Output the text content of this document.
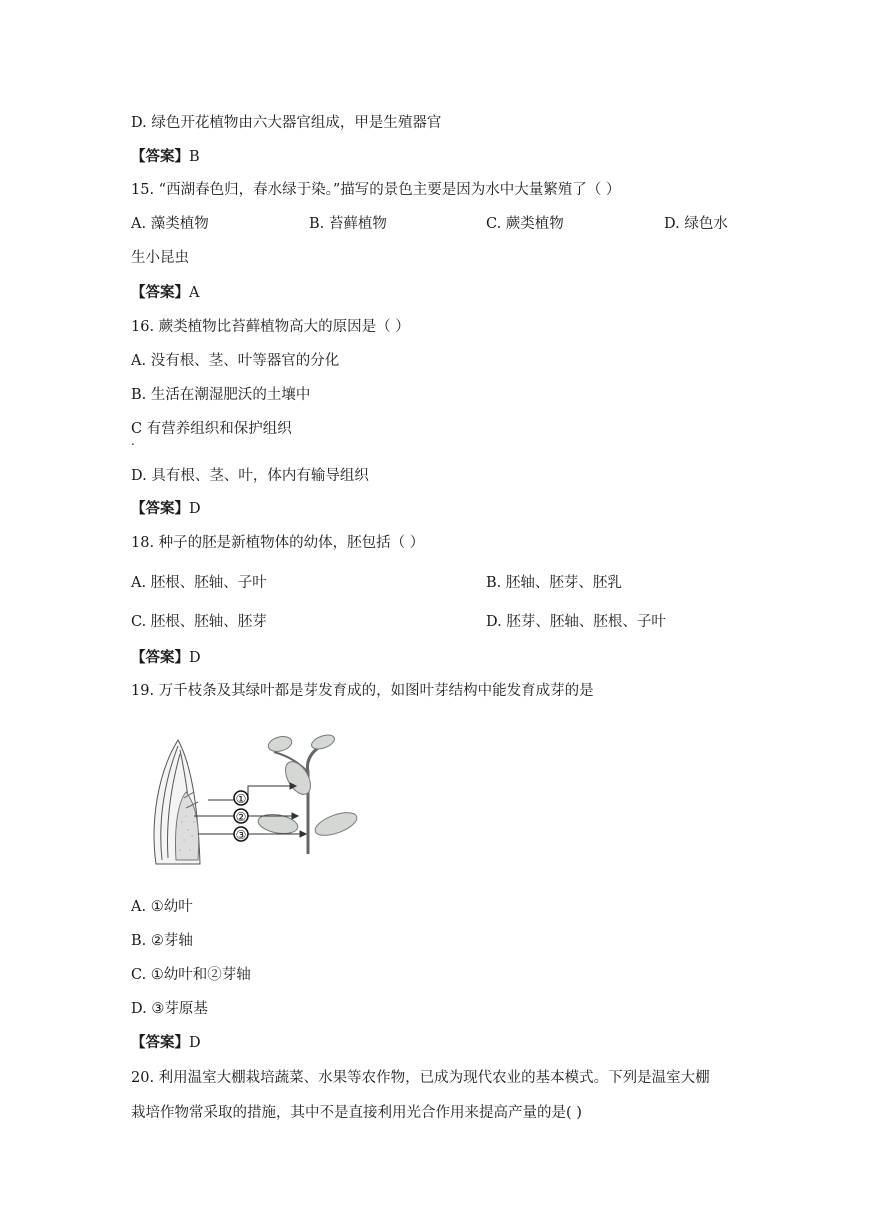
D. 绿色开花植物由六大器官组成，甲是生殖器官
【答案】B
15. “西湖春色归，春水绿于染。”描写的景色主要是因为水中大量繁殖了（ ）
A. 藻类植物	B. 苔藓植物	C. 蕨类植物	D. 绿色水
生小昆虫
【答案】A
16. 蕨类植物比苔藓植物高大的原因是（ ）
A. 没有根、茎、叶等器官的分化
B. 生活在潮湿肥沃的土壤中
C 有营养组织和保护组织
.
D. 具有根、茎、叶，体内有输导组织
【答案】D
18. 种子的胚是新植物体的幼体，胚包括（ ）
A. 胚根、胚轴、子叶	B. 胚轴、胚芽、胚乳
C. 胚根、胚轴、胚芽	D. 胚芽、胚轴、胚根、子叶
【答案】D
19. 万千枝条及其绿叶都是芽发育成的，如图叶芽结构中能发育成芽的是
①
②
③
A. ①幼叶
B. ②芽轴
C. ①幼叶和②芽轴
D. ③芽原基
【答案】D
20. 利用温室大棚栽培蔬菜、水果等农作物，已成为现代农业的基本模式。下列是温室大棚
栽培作物常采取的措施，其中不是直接利用光合作用来提高产量的是( )
